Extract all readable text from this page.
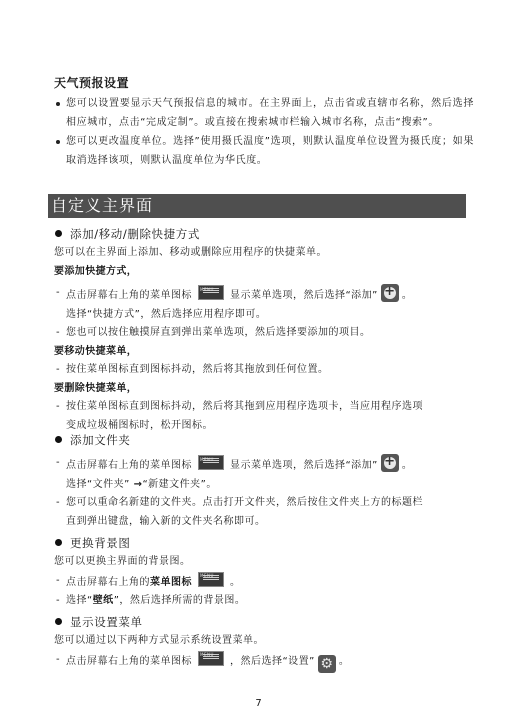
天气预报设置
您可以设置要显示天气预报信息的城市。在主界面上，点击省或直辖市名称，然后选择相应城市，点击“完成定制”。或直接在搜索城市栏输入城市名称，点击“搜索”。
您可以更改温度单位。选择”使用摄氏温度”选项，则默认温度单位设置为摄氏度；如果取消选择该项，则默认温度单位为华氏度。
自定义主界面
添加/移动/删除快捷方式
您可以在主界面上添加、移动或删除应用程序的快捷菜单。
要添加快捷方式，
- 点击屏幕右上角的菜单图标 MENU	显示菜单选项，然后选择“添加” + 。
选择“快捷方式”，然后选择应用程序即可。
- 您也可以按住触摸屏直到弹出菜单选项，然后选择要添加的项目。
要移动快捷菜单，
- 按住菜单图标直到图标抖动，然后将其拖放到任何位置。
要删除快捷菜单，
- 按住菜单图标直到图标抖动，然后将其拖到应用程序选项卡，当应用程序选项
变成垃圾桶图标时，松开图标。
添加文件夹
- 点击屏幕右上角的菜单图标 MENU	显示菜单选项，然后选择“添加” + 。
选择“文件夹” →“新建文件夹”。
- 您可以重命名新建的文件夹。点击打开文件夹，然后按住文件夹上方的标题栏
直到弹出键盘，输入新的文件夹名称即可。
更换背景图
您可以更换主界面的背景图。
- 点击屏幕右上角的菜单图标 MENU	。
- 选择“壁纸”，然后选择所需的背景图。
显示设置菜单
您可以通过以下两种方式显示系统设置菜单。
- 点击屏幕右上角的菜单图标 MENU	，然后选择“设置” ⚙ 。
7
